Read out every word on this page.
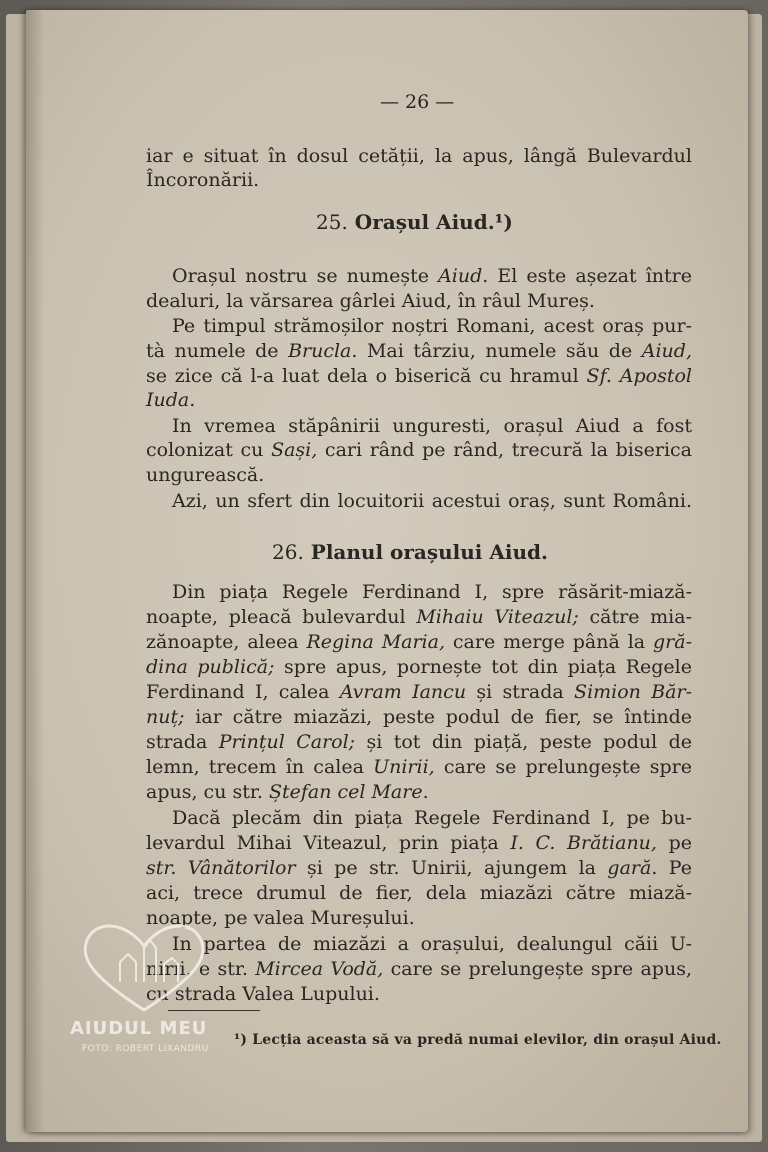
— 26 —
iar e situat în dosul cetății, la apus, lângă Bulevardul
Încoronării.
25. Orașul Aiud.¹)
Orașul nostru se numește Aiud. El este așezat între
dealuri, la vărsarea gârlei Aiud, în râul Mureș.
Pe timpul strămoșilor noștri Romani, acest oraș pur-
tà numele de Brucla. Mai târziu, numele său de Aiud,
se zice că l-a luat dela o biserică cu hramul Sf. Apostol
Iuda.
In vremea stăpânirii unguresti, orașul Aiud a fost
colonizat cu Sași, cari rând pe rând, trecură la biserica
ungurească.
Azi, un sfert din locuitorii acestui oraș, sunt Români.
26. Planul orașului Aiud.
Din piața Regele Ferdinand I, spre răsărit-miază-
noapte, pleacă bulevardul Mihaiu Viteazul; către mia-
zănoapte, aleea Regina Maria, care merge până la gră-
dina publică; spre apus, pornește tot din piața Regele
Ferdinand I, calea Avram Iancu și strada Simion Băr-
nuț; iar către miazăzi, peste podul de fier, se întinde
strada Prințul Carol; și tot din piață, peste podul de
lemn, trecem în calea Unirii, care se prelungește spre
apus, cu str. Ștefan cel Mare.
Dacă plecăm din piața Regele Ferdinand I, pe bu-
levardul Mihai Viteazul, prin piața I. C. Brătianu, pe
str. Vânătorilor și pe str. Unirii, ajungem la gară. Pe
aci, trece drumul de fier, dela miazăzi către miază-
noapte, pe valea Mureșului.
In partea de miazăzi a orașului, dealungul căii U-
nirii, e str. Mircea Vodă, care se prelungește spre apus,
cu strada Valea Lupului.
¹) Lecția aceasta să va predă numai elevilor, din orașul Aiud.
AIUDUL MEU
FOTO: ROBERT LIXANDRU
